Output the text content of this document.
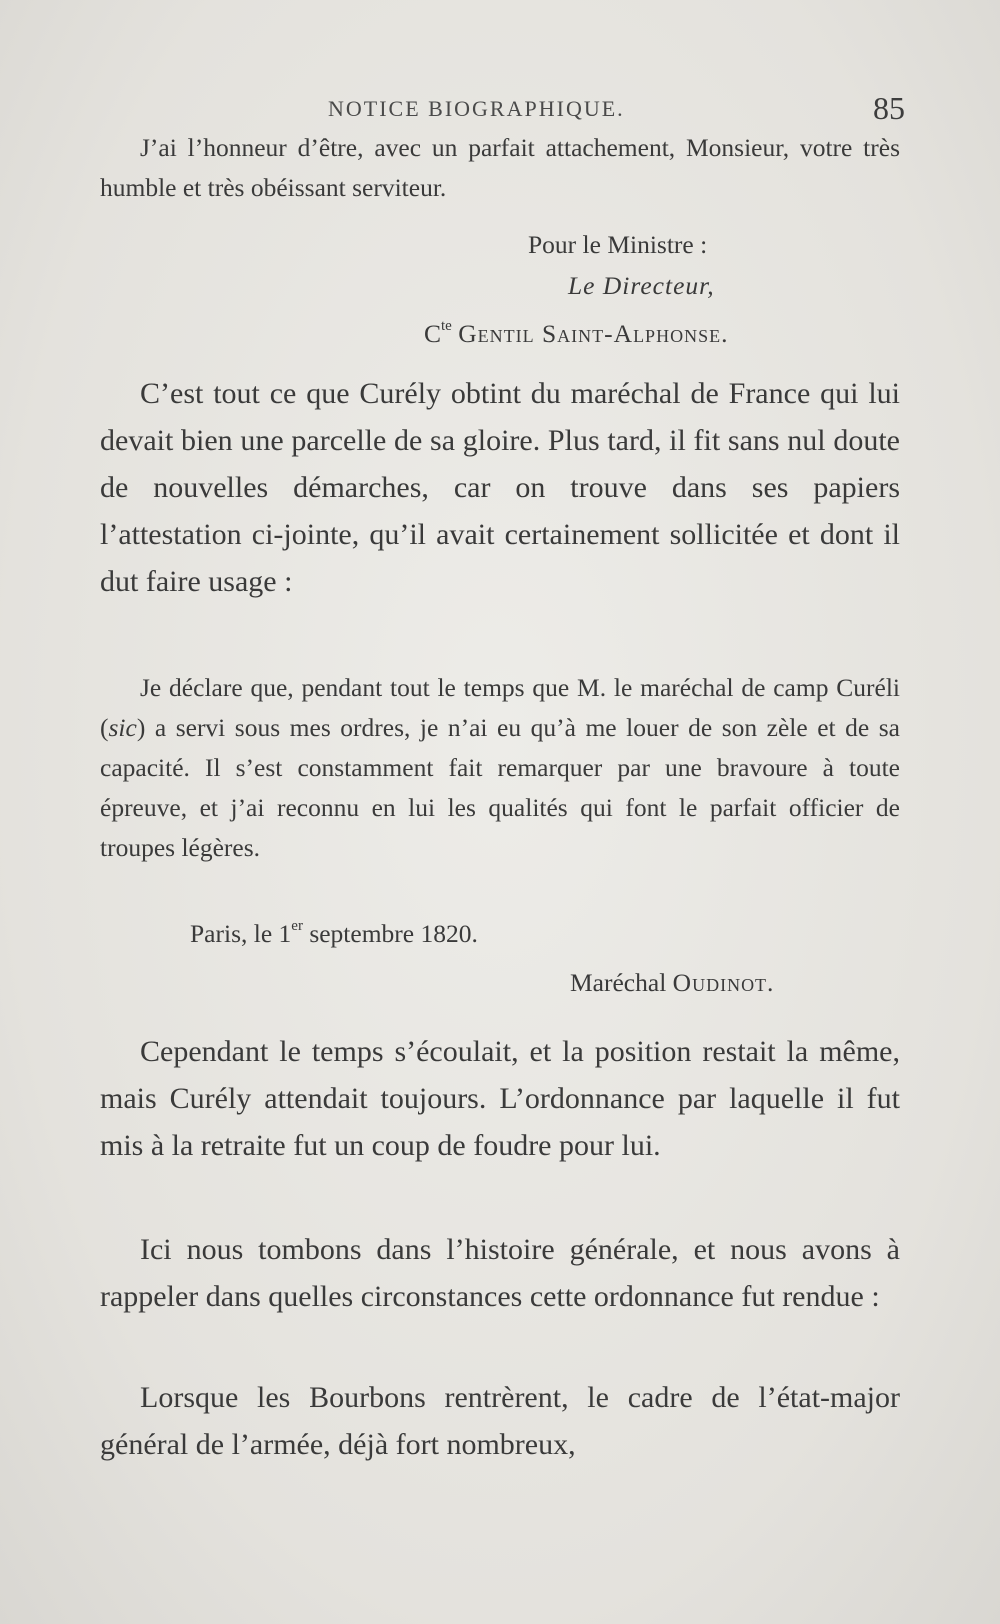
NOTICE BIOGRAPHIQUE.	85

J’ai l’honneur d’être, avec un parfait attachement, Monsieur, votre très humble et très obéissant serviteur.

Pour le Ministre :
Le Directeur,
$C^{te}$ Gentil Saint-Alphonse.

C’est tout ce que Curély obtint du maréchal de France qui lui devait bien une parcelle de sa gloire. Plus tard, il fit sans nul doute de nouvelles démarches, car on trouve dans ses papiers l’attestation ci-jointe, qu’il avait certainement sollicitée et dont il dut faire usage :

Je déclare que, pendant tout le temps que M. le maréchal de camp Curéli (sic) a servi sous mes ordres, je n’ai eu qu’à me louer de son zèle et de sa capacité. Il s’est constamment fait remarquer par une bravoure à toute épreuve, et j’ai reconnu en lui les qualités qui font le parfait officier de troupes légères.

Paris, le 1er septembre 1820.
Maréchal Oudinot.

Cependant le temps s’écoulait, et la position restait la même, mais Curély attendait toujours. L’ordonnance par laquelle il fut mis à la retraite fut un coup de foudre pour lui.

Ici nous tombons dans l’histoire générale, et nous avons à rappeler dans quelles circonstances cette ordonnance fut rendue :

Lorsque les Bourbons rentrèrent, le cadre de l’état-major général de l’armée, déjà fort nombreux,
